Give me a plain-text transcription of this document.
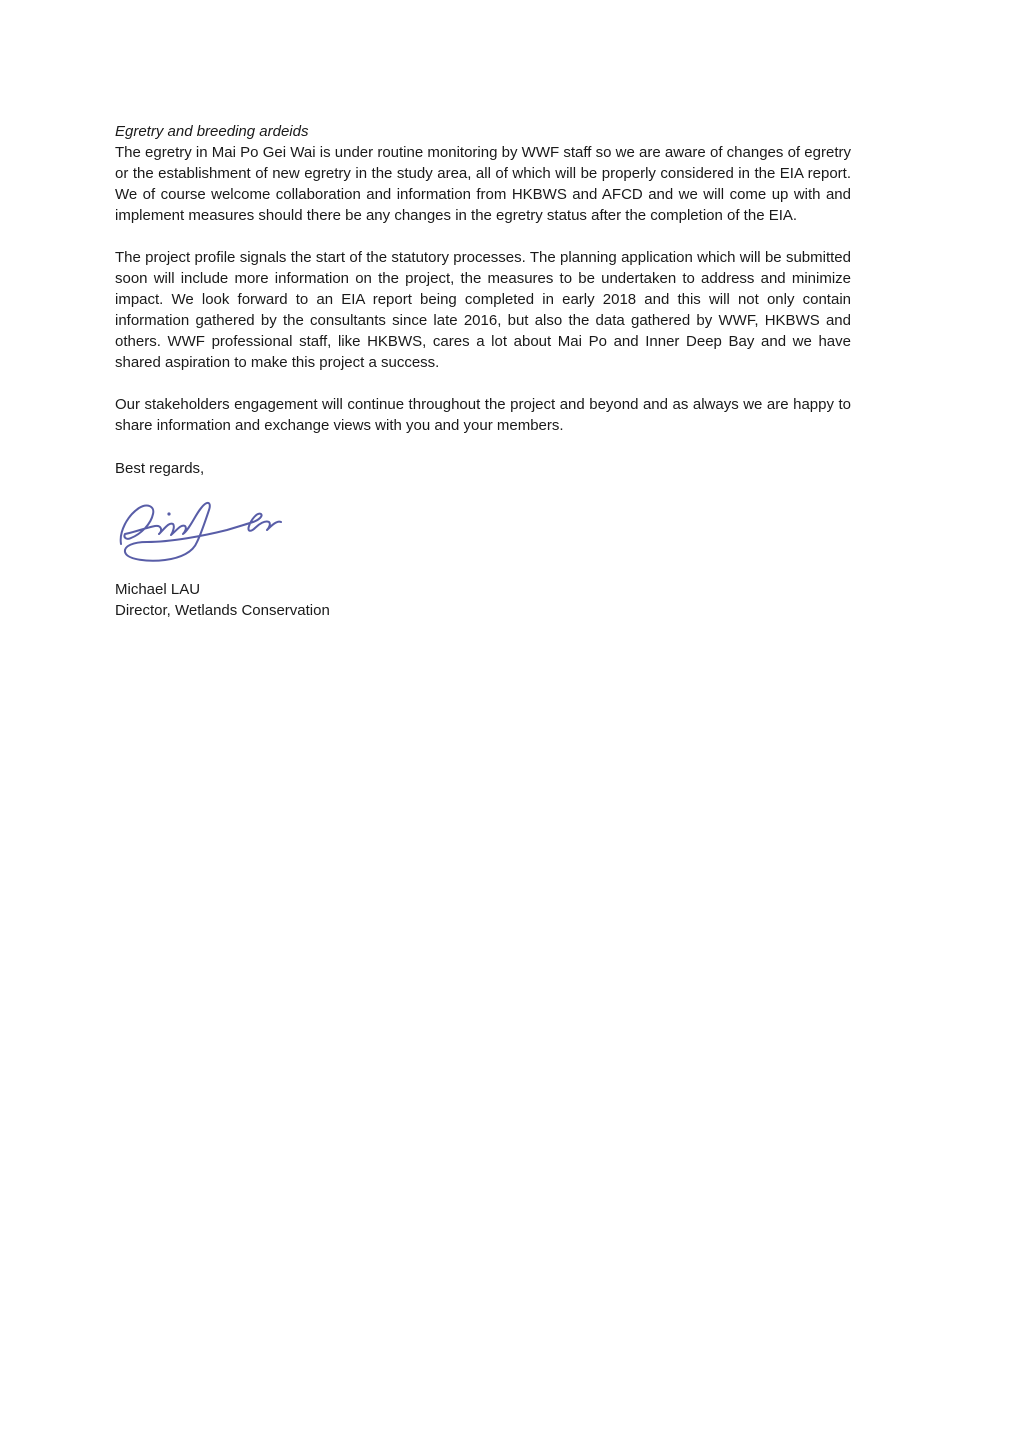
Egretry and breeding ardeids

The egretry in Mai Po Gei Wai is under routine monitoring by WWF staff so we are aware of changes of egretry or the establishment of new egretry in the study area, all of which will be properly considered in the EIA report. We of course welcome collaboration and information from HKBWS and AFCD and we will come up with and implement measures should there be any changes in the egretry status after the completion of the EIA.

The project profile signals the start of the statutory processes. The planning application which will be submitted soon will include more information on the project, the measures to be undertaken to address and minimize impact. We look forward to an EIA report being completed in early 2018 and this will not only contain information gathered by the consultants since late 2016, but also the data gathered by WWF, HKBWS and others. WWF professional staff, like HKBWS, cares a lot about Mai Po and Inner Deep Bay and we have shared aspiration to make this project a success.

Our stakeholders engagement will continue throughout the project and beyond and as always we are happy to share information and exchange views with you and your members.

Best regards,
Michael LAU
Director, Wetlands Conservation
